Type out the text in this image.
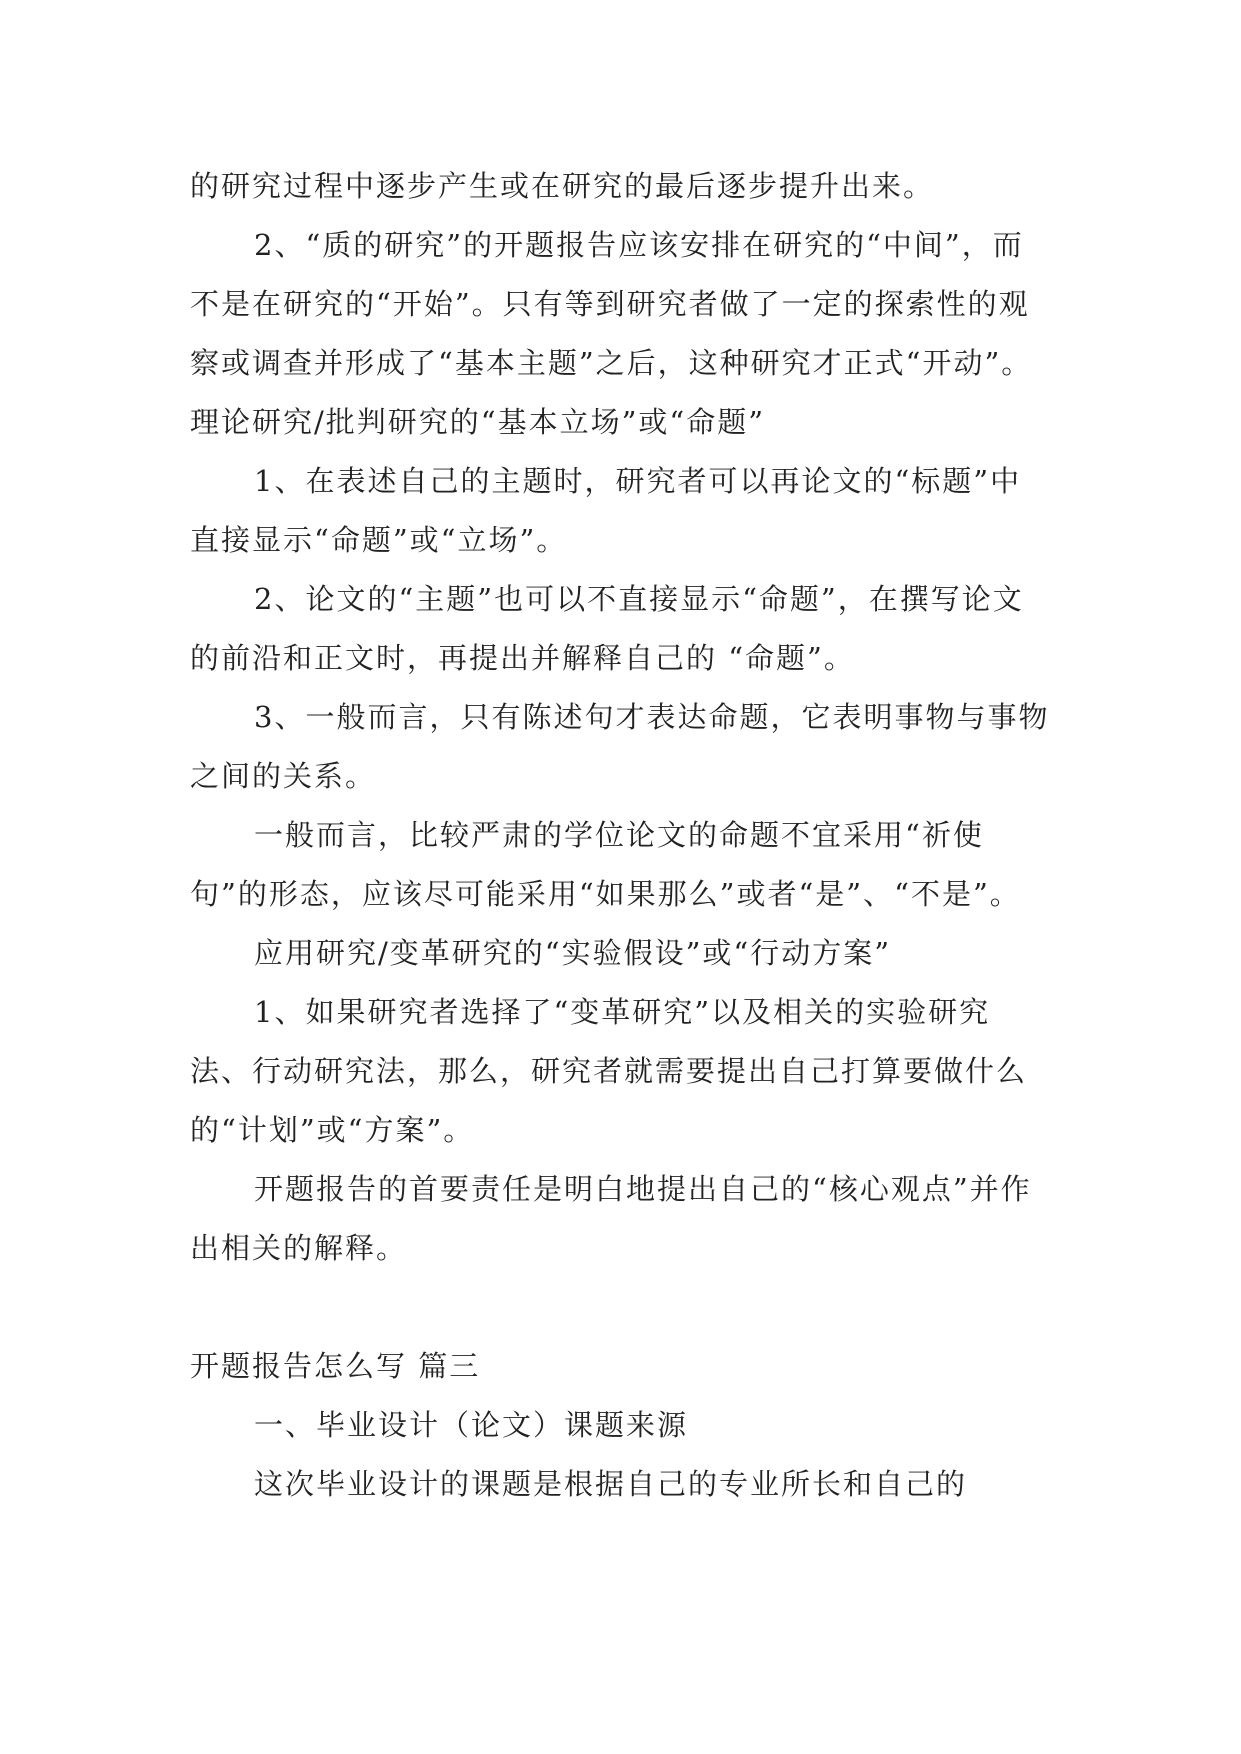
的研究过程中逐步产生或在研究的最后逐步提升出来。

2、“质的研究”的开题报告应该安排在研究的“中间”，而不是在研究的“开始”。只有等到研究者做了一定的探索性的观察或调查并形成了“基本主题”之后，这种研究才正式“开动”。 理论研究/批判研究的“基本立场”或“命题”

1、在表述自己的主题时，研究者可以再论文的“标题”中直接显示“命题”或“立场”。

2、论文的“主题”也可以不直接显示“命题”，在撰写论文的前沿和正文时，再提出并解释自己的 “命题”。

3、一般而言，只有陈述句才表达命题，它表明事物与事物之间的关系。

一般而言，比较严肃的学位论文的命题不宜采用“祈使句”的形态，应该尽可能采用“如果那么”或者“是”、“不是”。

应用研究/变革研究的“实验假设”或“行动方案”

1、如果研究者选择了“变革研究”以及相关的实验研究法、行动研究法，那么，研究者就需要提出自己打算要做什么的“计划”或“方案”。

开题报告的首要责任是明白地提出自己的“核心观点”并作出相关的解释。

开题报告怎么写 篇三

一、毕业设计（论文）课题来源

这次毕业设计的课题是根据自己的专业所长和自己的
